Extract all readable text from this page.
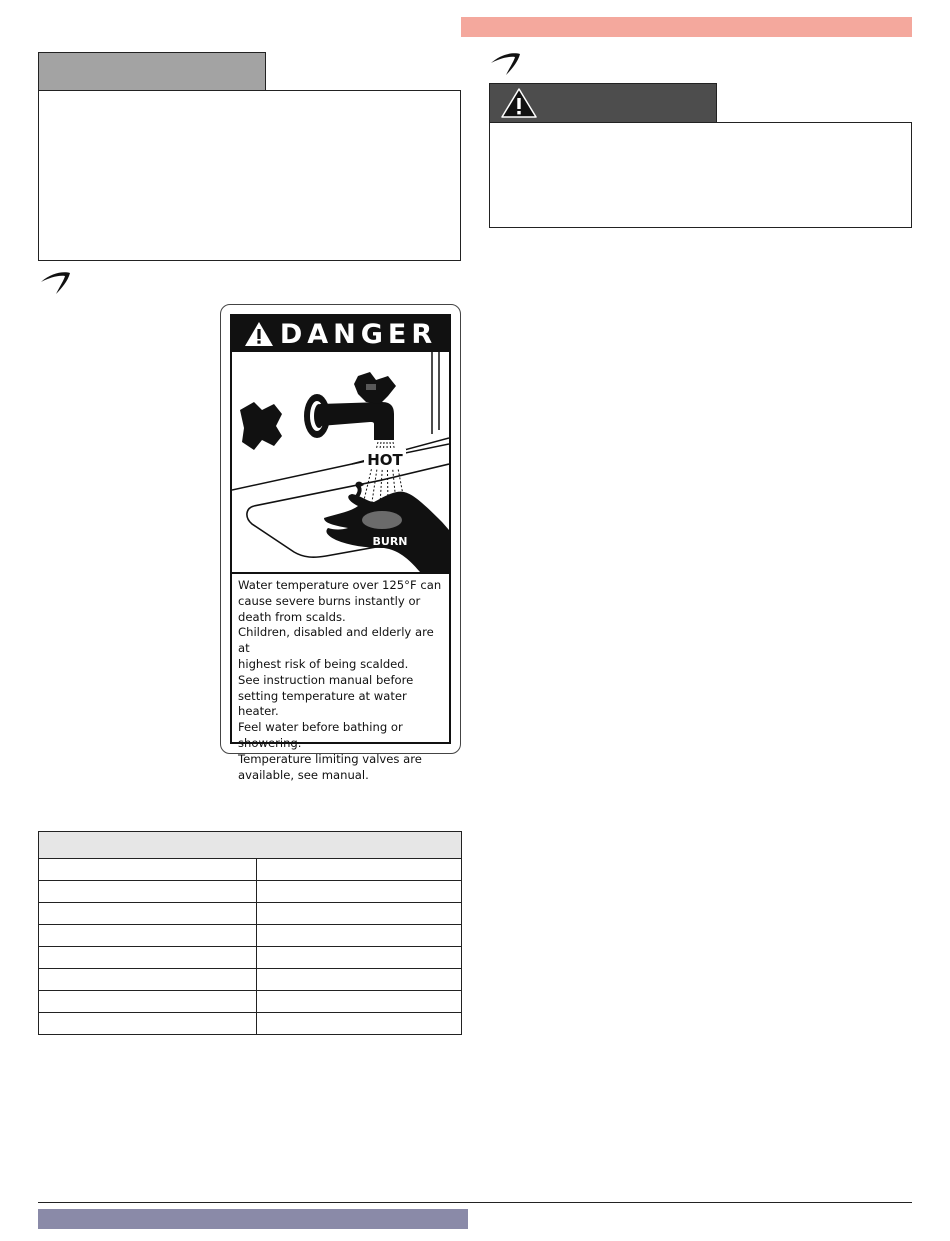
DANGER
HOT
BURN

Water temperature over 125°F can

cause severe burns instantly or

death from scalds.

Children, disabled and elderly are at

highest risk of being scalded.

See instruction manual before

setting temperature at water heater.

Feel water before bathing or

showering.

Temperature limiting valves are

available, see manual.
